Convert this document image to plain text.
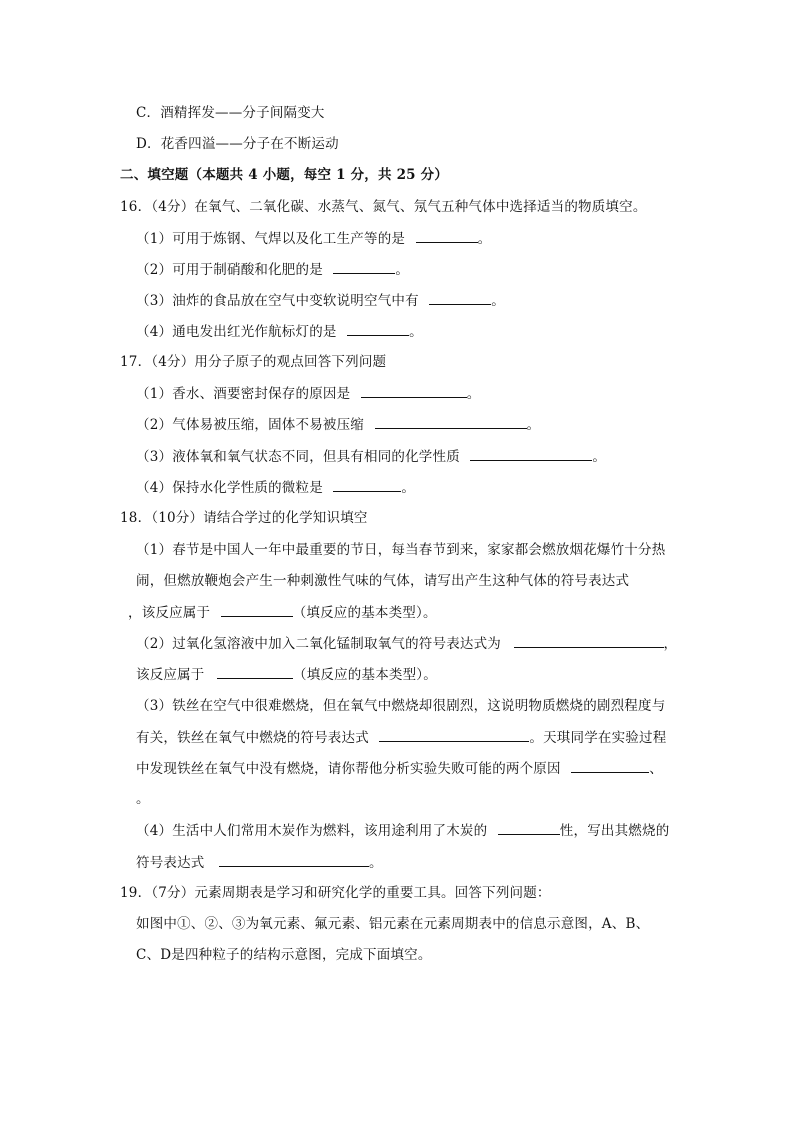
C．酒精挥发——分子间隔变大
D．花香四溢——分子在不断运动
二、填空题（本题共 4 小题，每空 1 分，共 25 分）
16．（4分）在氧气、二氧化碳、水蒸气、氮气、氖气五种气体中选择适当的物质填空。
（1）可用于炼钢、气焊以及化工生产等的是	。
（2）可用于制硝酸和化肥的是	。
（3）油炸的食品放在空气中变软说明空气中有	。
（4）通电发出红光作航标灯的是	。
17．（4分）用分子原子的观点回答下列问题
（1）香水、酒要密封保存的原因是	。
（2）气体易被压缩，固体不易被压缩	。
（3）液体氧和氧气状态不同，但具有相同的化学性质	。
（4）保持水化学性质的微粒是	。
18．（10分）请结合学过的化学知识填空
（1）春节是中国人一年中最重要的节日，每当春节到来，家家都会燃放烟花爆竹十分热
闹，但燃放鞭炮会产生一种刺激性气味的气体，请写出产生这种气体的符号表达式
，该反应属于	（填反应的基本类型）。
（2）过氧化氢溶液中加入二氧化锰制取氧气的符号表达式为	，
该反应属于	（填反应的基本类型）。
（3）铁丝在空气中很难燃烧，但在氧气中燃烧却很剧烈，这说明物质燃烧的剧烈程度与
有关，铁丝在氧气中燃烧的符号表达式	。天琪同学在实验过程
中发现铁丝在氧气中没有燃烧，请你帮他分析实验失败可能的两个原因	、
。
（4）生活中人们常用木炭作为燃料，该用途利用了木炭的	性，写出其燃烧的
符号表达式	。
19．（7分）元素周期表是学习和研究化学的重要工具。回答下列问题：
如图中①、②、③为氧元素、氟元素、铝元素在元素周期表中的信息示意图，A、B、
C、D是四种粒子的结构示意图，完成下面填空。
